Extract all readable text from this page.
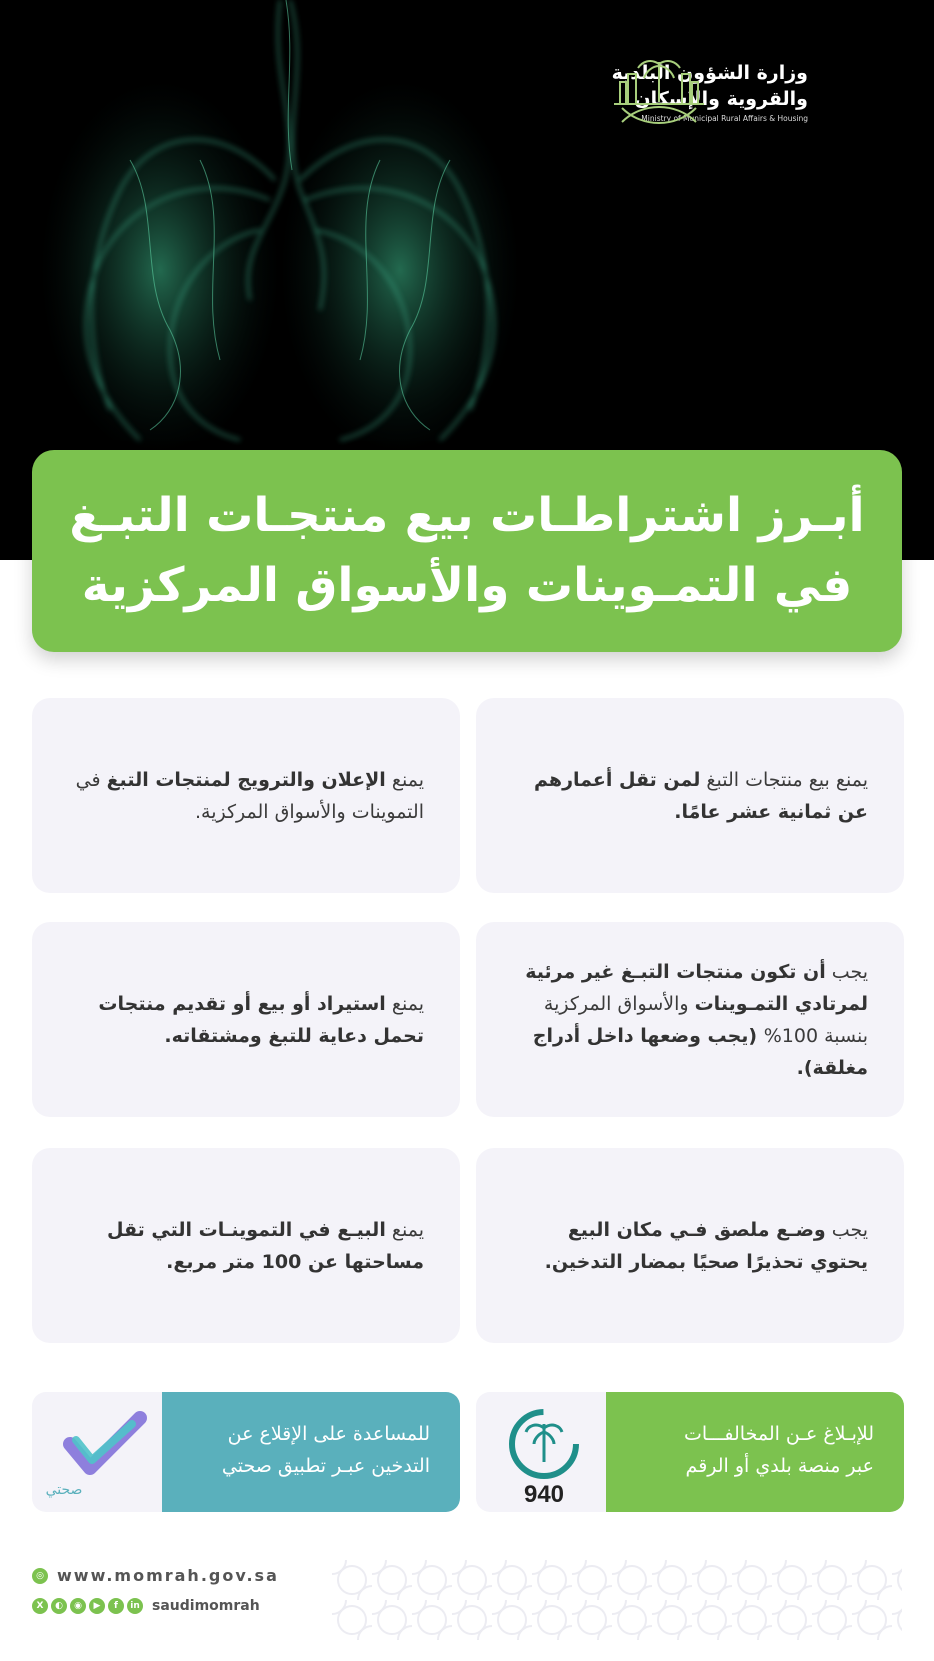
وزارة الشؤون البلدية
والقروية والإسكان
Ministry of Municipal Rural Affairs & Housing
أبـرز اشتراطـات بيع منتجـات التبـغ
في التمـوينات والأسواق المركزية
يمنع بيع منتجات التبغ لمن تقل أعمارهم عن ثمانية عشر عامًا.
يمنع الإعلان والترويج لمنتجات التبغ في التموينات والأسواق المركزية.
يجب أن تكون منتجات التبـغ غير مرئية لمرتادي التمـوينات والأسواق المركزية بنسبة 100% (يجب وضعها داخل أدراج مغلقة).
يمنع استيراد أو بيع أو تقديم منتجات تحمل دعاية للتبغ ومشتقاته.
يجب وضـع ملصق فـي مكان البيع يحتوي تحذيرًا صحيًا بمضار التدخين.
يمنع البيـع في التموينـات التي تقل مساحتها عن 100 متر مربع.
للإبـلاغ عـن المخالفـــات
عبر منصة بلدي أو الرقم
940
للمساعدة على الإقلاع عن
التدخين عبـر تطبيق صحتي
صحتي
◎ www.momrah.gov.sa
X	◐	◉	▶	f	in saudimomrah
